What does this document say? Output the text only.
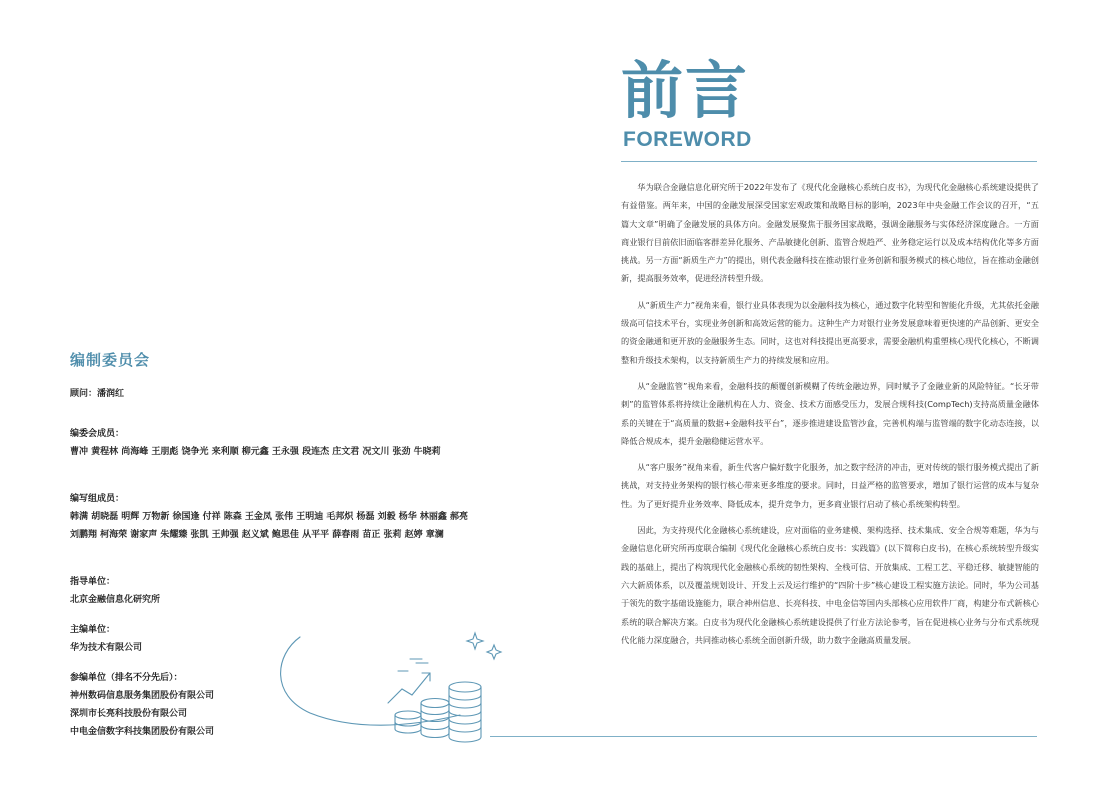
编制委员会
顾问：潘润红
编委会成员：
曹冲 黄程林 尚海峰 王朋彪 饶争光 来利顺 柳元鑫 王永强 段连杰 庄文君 况文川 张劲 牛晓莉
编写组成员：
韩满 胡晓磊 明辉 万物新 徐国逢 付祥 陈森 王金凤 张伟 王明迪 毛邦炽 杨磊 刘毅 杨华 林丽鑫 郝亮
刘鹏翔 柯海荣 谢家声 朱耀臻 张凯 王帅强 赵义斌 鲍思佳 从平平 薛春雨 苗正 张莉 赵婷 章澜
指导单位：
北京金融信息化研究所
主编单位：
华为技术有限公司
参编单位（排名不分先后）：
神州数码信息服务集团股份有限公司
深圳市长亮科技股份有限公司
中电金信数字科技集团股份有限公司
前言
FOREWORD

华为联合金融信息化研究所于2022年发布了《现代化金融核心系统白皮书》，为现代化金融核心系统建设提供了有益借鉴。两年来，中国的金融发展深受国家宏观政策和战略目标的影响，2023年中央金融工作会议的召开，“五篇大文章”明确了金融发展的具体方向。金融发展聚焦于服务国家战略，强调金融服务与实体经济深度融合。一方面商业银行目前依旧面临客群差异化服务、产品敏捷化创新、监管合规趋严、业务稳定运行以及成本结构优化等多方面挑战。另一方面“新质生产力”的提出，则代表金融科技在推动银行业务创新和服务模式的核心地位，旨在推动金融创新，提高服务效率，促进经济转型升级。

从“新质生产力”视角来看，银行业具体表现为以金融科技为核心，通过数字化转型和智能化升级，尤其依托金融级高可信技术平台，实现业务创新和高效运营的能力。这种生产力对银行业务发展意味着更快速的产品创新、更安全的资金融通和更开放的金融服务生态。同时，这也对科技提出更高要求，需要金融机构重塑核心现代化核心，不断调整和升级技术架构，以支持新质生产力的持续发展和应用。

从“金融监管”视角来看，金融科技的颠覆创新模糊了传统金融边界，同时赋予了金融业新的风险特征。“长牙带刺”的监管体系将持续让金融机构在人力、资金、技术方面感受压力，发展合规科技(CompTech)支持高质量金融体系的关键在于“高质量的数据+金融科技平台”，逐步推进建设监管沙盒，完善机构端与监管端的数字化动态连接，以降低合规成本，提升金融稳健运营水平。

从“客户服务”视角来看，新生代客户偏好数字化服务，加之数字经济的冲击，更对传统的银行服务模式提出了新挑战，对支持业务架构的银行核心带来更多维度的要求。同时，日益严格的监管要求，增加了银行运营的成本与复杂性。为了更好提升业务效率、降低成本，提升竞争力，更多商业银行启动了核心系统架构转型。

因此，为支持现代化金融核心系统建设，应对面临的业务建模、架构选择、技术集成、安全合规等难题，华为与金融信息化研究所再度联合编制《现代化金融核心系统白皮书：实践篇》(以下简称白皮书)，在核心系统转型升级实践的基础上，提出了构筑现代化金融核心系统的韧性架构、全栈可信、开放集成、工程工艺、平稳迁移、敏捷智能的六大新质体系，以及覆盖规划设计、开发上云及运行维护的“四阶十步”核心建设工程实施方法论。同时，华为公司基于领先的数字基础设施能力，联合神州信息、长亮科技、中电金信等国内头部核心应用软件厂商，构建分布式新核心系统的联合解决方案。白皮书为现代化金融核心系统建设提供了行业方法论参考，旨在促进核心业务与分布式系统现代化能力深度融合，共同推动核心系统全面创新升级，助力数字金融高质量发展。
